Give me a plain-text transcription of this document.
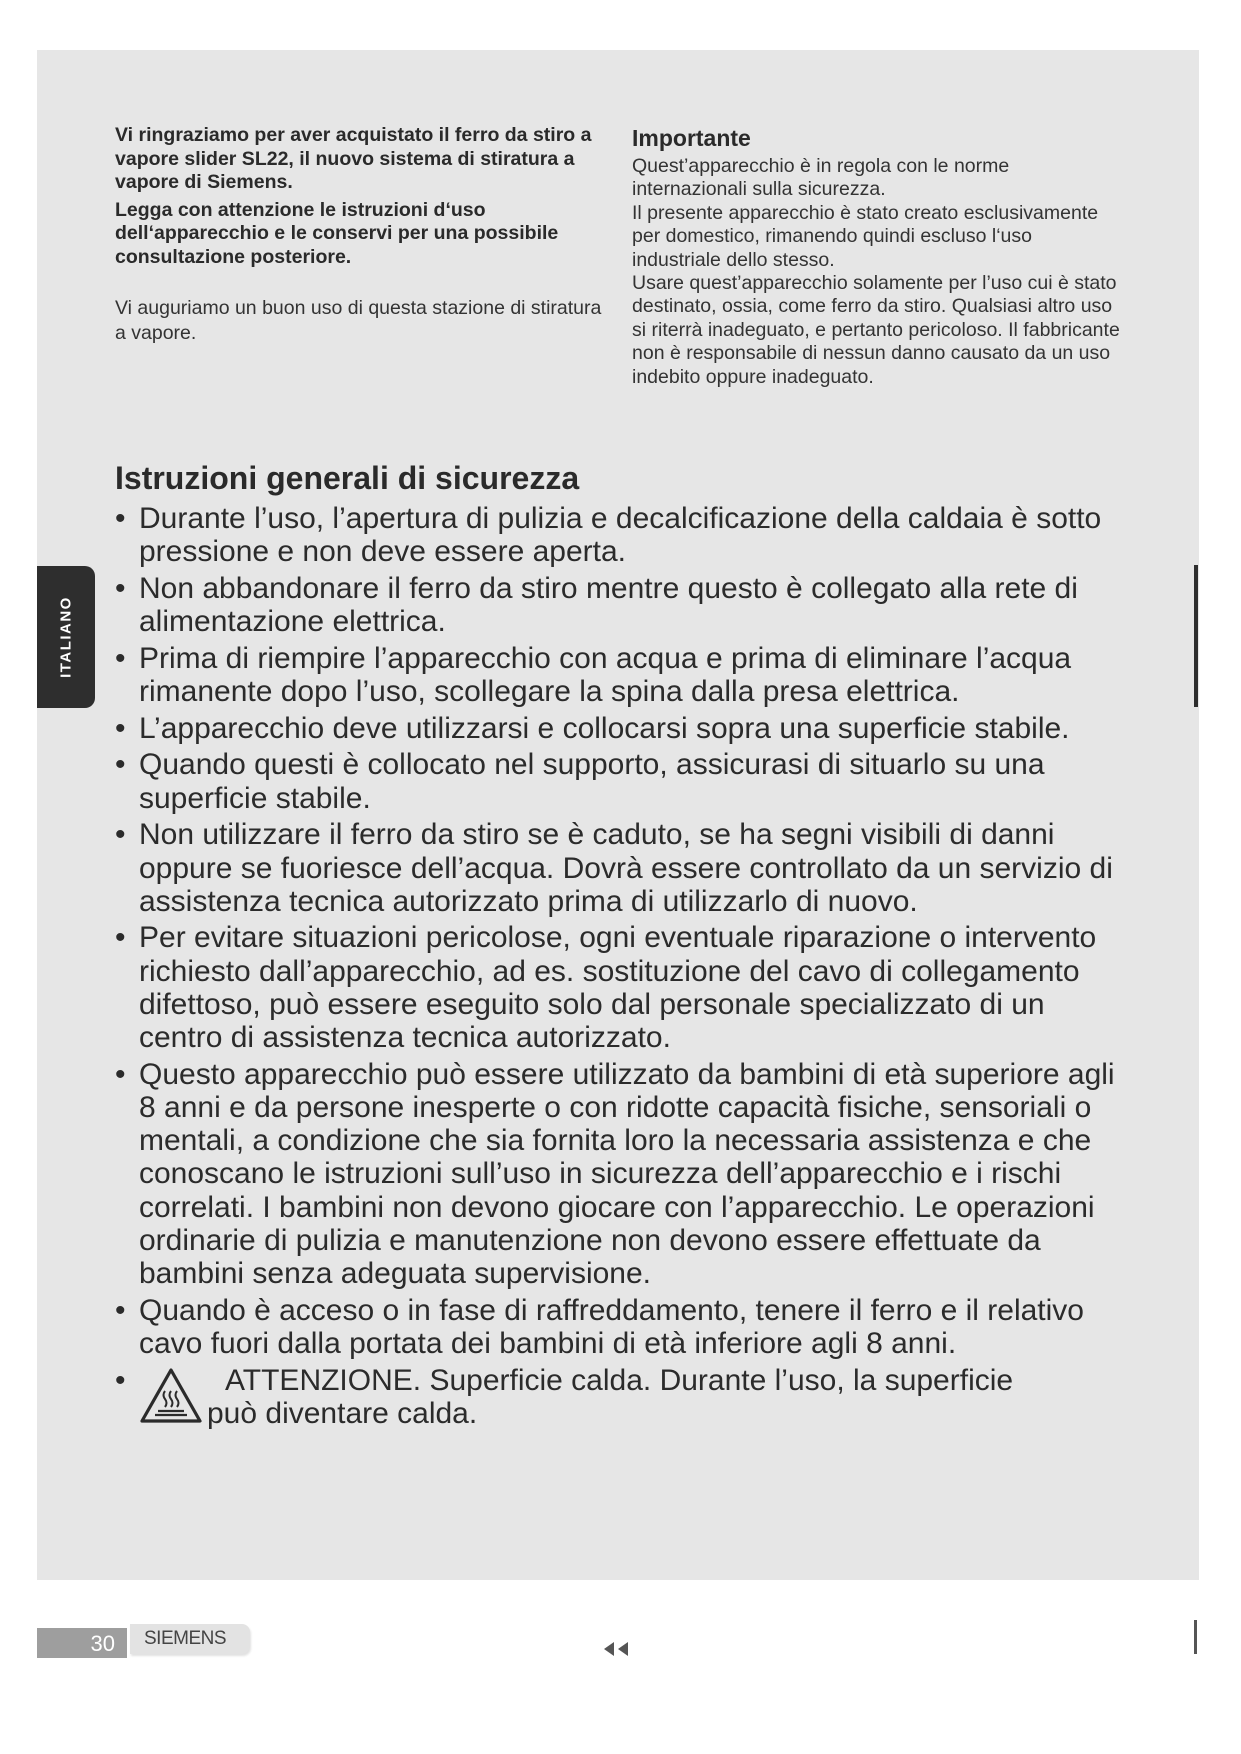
ITALIANO

Vi ringraziamo per aver acquistato il ferro da stiro a vapore slider SL22, il nuovo sistema di stiratura a vapore di Siemens.

Legga con attenzione le istruzioni d‘uso dell‘apparecchio e le conservi per una possibile consultazione posteriore.

Vi auguriamo un buon uso di questa stazione di stiratura a vapore.

Importante

Quest’apparecchio è in regola con le norme internazionali sulla sicurezza.

Il presente apparecchio è stato creato esclusivamente per domestico, rimanendo quindi escluso l‘uso industriale dello stesso.

Usare quest’apparecchio solamente per l’uso cui è stato destinato, ossia, come ferro da stiro. Qualsiasi altro uso si riterrà inadeguato, e pertanto pericoloso. Il fabbricante non è responsabile di nessun danno causato da un uso indebito oppure inadeguato.

Istruzioni generali di sicurezza
• Durante l’uso, l’apertura di pulizia e decalcificazione della caldaia è sotto pressione e non deve essere aperta.
• Non abbandonare il ferro da stiro mentre questo è collegato alla rete di alimentazione elettrica.
• Prima di riempire l’apparecchio con acqua e prima di eliminare l’acqua rimanente dopo l’uso, scollegare la spina dalla presa elettrica.
• L’apparecchio deve utilizzarsi e collocarsi sopra una superficie stabile.
• Quando questi è collocato nel supporto, assicurasi di situarlo su una superficie stabile.
• Non utilizzare il ferro da stiro se è caduto, se ha segni visibili di danni oppure se fuoriesce dell’acqua. Dovrà essere controllato da un servizio di assistenza tecnica autorizzato prima di utilizzarlo di nuovo.
• Per evitare situazioni pericolose, ogni eventuale riparazione o intervento richiesto dall’apparecchio, ad es. sostituzione del cavo di collegamento difettoso, può essere eseguito solo dal personale specializzato di un centro di assistenza tecnica autorizzato.
• Questo apparecchio può essere utilizzato da bambini di età superiore agli 8 anni e da persone inesperte o con ridotte capacità fisiche, sensoriali o mentali, a condizione che sia fornita loro la necessaria assistenza e che conoscano le istruzioni sull’uso in sicurezza dell’apparecchio e i rischi correlati. I bambini non devono giocare con l’apparecchio. Le operazioni ordinarie di pulizia e manutenzione non devono essere effettuate da bambini senza adeguata supervisione.
• Quando è acceso o in fase di raffreddamento, tenere il ferro e il relativo cavo fuori dalla portata dei bambini di età inferiore agli 8 anni.
• ATTENZIONE. Superficie calda. Durante l’uso, la superficie
può diventare calda.
30	SIEMENS
